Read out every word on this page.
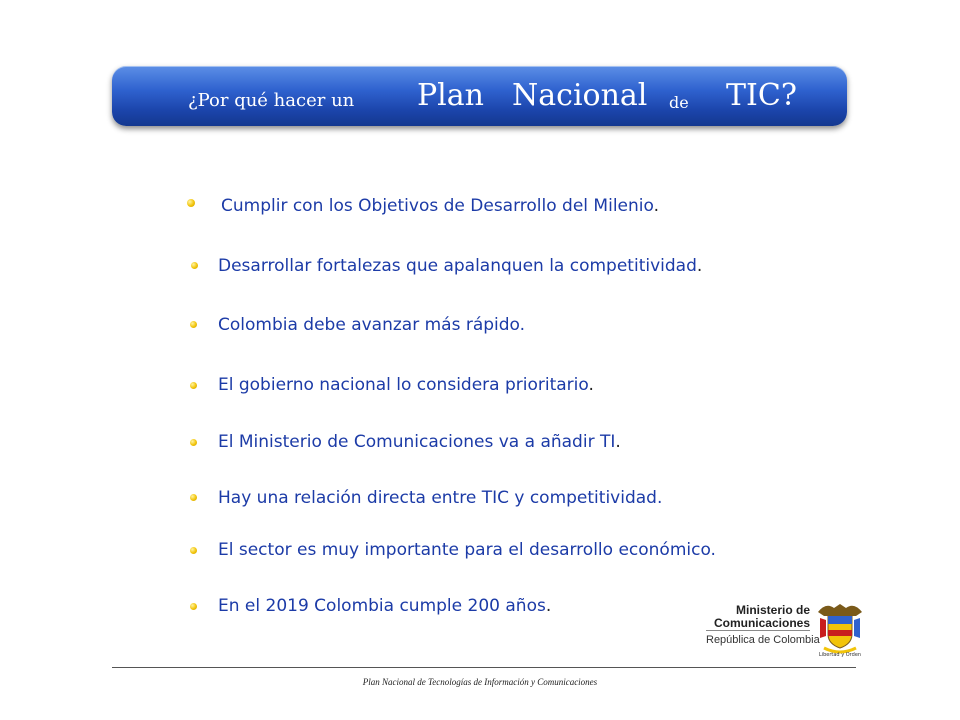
¿Por qué hacer un Plan Nacional de TIC?
Cumplir con los Objetivos de Desarrollo del Milenio.
Desarrollar fortalezas que apalanquen la competitividad.
Colombia debe avanzar más rápido.
El gobierno nacional lo considera prioritario.
El Ministerio de Comunicaciones va a añadir TI.
Hay una relación directa entre TIC y competitividad.
El sector es muy importante para el desarrollo económico.
En el 2019 Colombia cumple 200 años.	Ministerio de
Comunicaciones
República de Colombia
Libertad y Orden
Plan Nacional de Tecnologías de Información y Comunicaciones
